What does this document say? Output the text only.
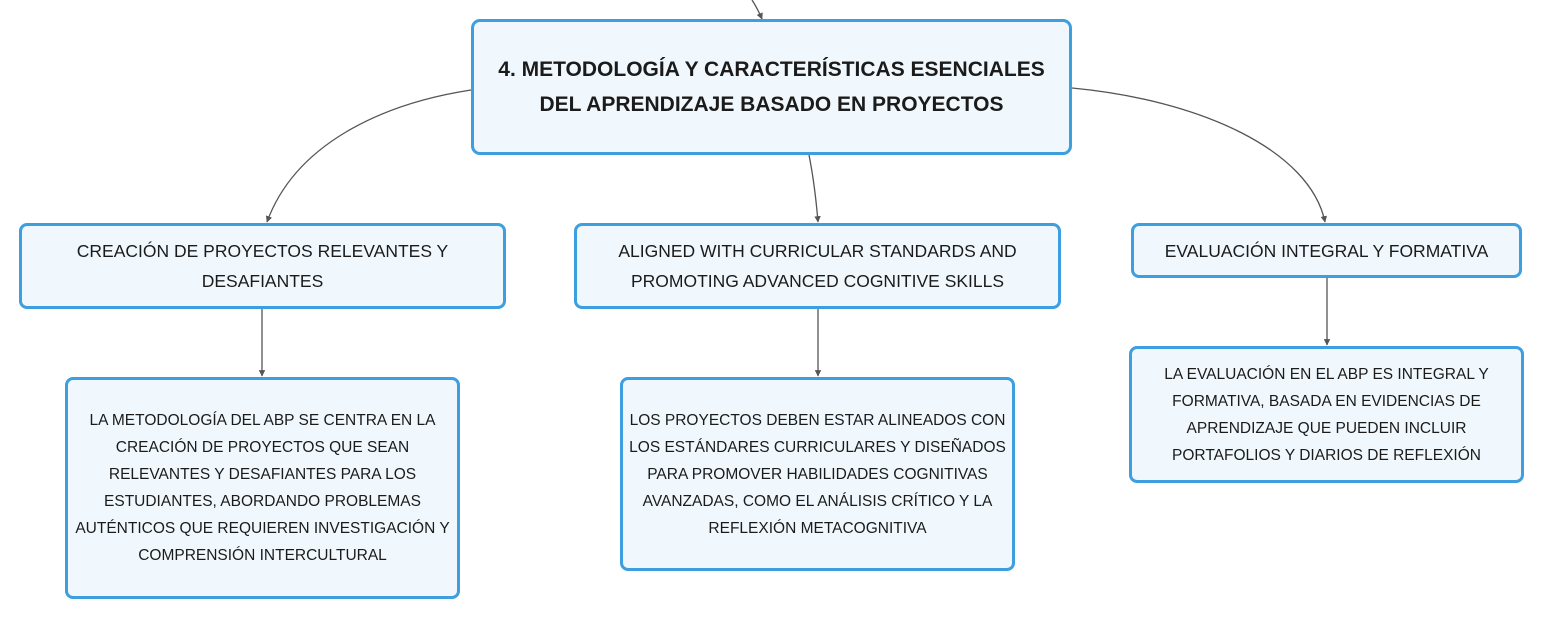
4. METODOLOGÍA Y CARACTERÍSTICAS ESENCIALES DEL APRENDIZAJE BASADO EN PROYECTOS
CREACIÓN DE PROYECTOS RELEVANTES Y DESAFIANTES
ALIGNED WITH CURRICULAR STANDARDS AND PROMOTING ADVANCED COGNITIVE SKILLS
EVALUACIÓN INTEGRAL Y FORMATIVA
LA METODOLOGÍA DEL ABP SE CENTRA EN LA CREACIÓN DE PROYECTOS QUE SEAN RELEVANTES Y DESAFIANTES PARA LOS ESTUDIANTES, ABORDANDO PROBLEMAS AUTÉNTICOS QUE REQUIEREN INVESTIGACIÓN Y COMPRENSIÓN INTERCULTURAL
LOS PROYECTOS DEBEN ESTAR ALINEADOS CON LOS ESTÁNDARES CURRICULARES Y DISEÑADOS PARA PROMOVER HABILIDADES COGNITIVAS AVANZADAS, COMO EL ANÁLISIS CRÍTICO Y LA REFLEXIÓN METACOGNITIVA
LA EVALUACIÓN EN EL ABP ES INTEGRAL Y FORMATIVA, BASADA EN EVIDENCIAS DE APRENDIZAJE QUE PUEDEN INCLUIR PORTAFOLIOS Y DIARIOS DE REFLEXIÓN
